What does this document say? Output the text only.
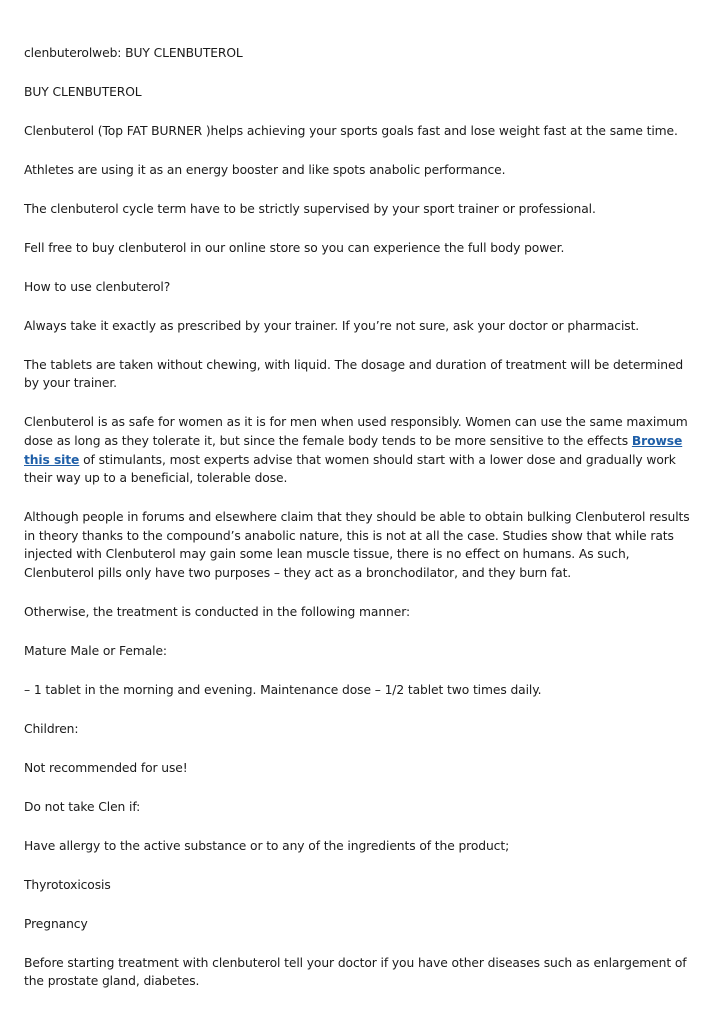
clenbuterolweb: BUY CLENBUTEROL

BUY CLENBUTEROL

Clenbuterol (Top FAT BURNER )helps achieving your sports goals fast and lose weight fast at the same time.

Athletes are using it as an energy booster and like spots anabolic performance.

The clenbuterol cycle term have to be strictly supervised by your sport trainer or professional.

Fell free to buy clenbuterol in our online store so you can experience the full body power.

How to use clenbuterol?

Always take it exactly as prescribed by your trainer. If you’re not sure, ask your doctor or pharmacist.

The tablets are taken without chewing, with liquid. The dosage and duration of treatment will be determined by your trainer.

Clenbuterol is as safe for women as it is for men when used responsibly. Women can use the same maximum dose as long as they tolerate it, but since the female body tends to be more sensitive to the effects Browse this site of stimulants, most experts advise that women should start with a lower dose and gradually work their way up to a beneficial, tolerable dose.

Although people in forums and elsewhere claim that they should be able to obtain bulking Clenbuterol results in theory thanks to the compound’s anabolic nature, this is not at all the case. Studies show that while rats injected with Clenbuterol may gain some lean muscle tissue, there is no effect on humans. As such, Clenbuterol pills only have two purposes – they act as a bronchodilator, and they burn fat.

Otherwise, the treatment is conducted in the following manner:

Mature Male or Female:

– 1 tablet in the morning and evening. Maintenance dose – 1/2 tablet two times daily.

Children:

Not recommended for use!

Do not take Clen if:

Have allergy to the active substance or to any of the ingredients of the product;

Thyrotoxicosis

Pregnancy

Before starting treatment with clenbuterol tell your doctor if you have other diseases such as enlargement of the prostate gland, diabetes.
